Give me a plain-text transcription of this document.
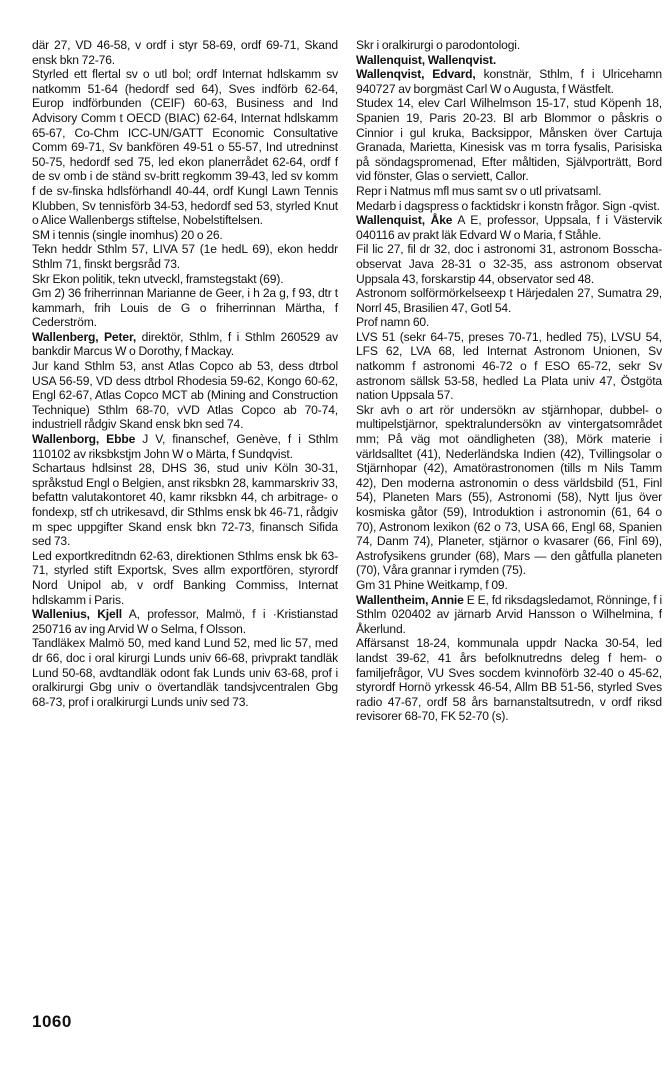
där 27, VD 46-58, v ordf i styr 58-69, ordf 69-71, Skand ensk bkn 72-76.

Styrled ett flertal sv o utl bol; ordf Internat hdlskamm sv natkomm 51-64 (hedordf sed 64), Sves indförb 62-64, Europ indförbunden (CEIF) 60-63, Business and Ind Advisory Comm t OECD (BIAC) 62-64, Internat hdlskamm 65-67, Co-Chm ICC-UN/GATT Economic Consultative Comm 69-71, Sv bankfören 49-51 o 55-57, Ind utredninst 50-75, hedordf sed 75, led ekon planerrådet 62-64, ordf f de sv omb i de ständ sv-britt regkomm 39-43, led sv komm f de sv-finska hdlsförhandl 40-44, ordf Kungl Lawn Tennis Klubben, Sv tennisförb 34-53, hedordf sed 53, styrled Knut o Alice Wallenbergs stiftelse, Nobelstiftelsen.

SM i tennis (single inomhus) 20 o 26.

Tekn heddr Sthlm 57, LIVA 57 (1e hedL 69), ekon heddr Sthlm 71, finskt bergsråd 73.

Skr Ekon politik, tekn utveckl, framstegstakt (69).

Gm 2) 36 friherrinnan Marianne de Geer, i h 2a g, f 93, dtr t kammarh, frih Louis de G o friherrinnan Märtha, f Cederström.

Wallenberg, Peter, direktör, Sthlm, f i Sthlm 260529 av bankdir Marcus W o Dorothy, f Mackay.

Jur kand Sthlm 53, anst Atlas Copco ab 53, dess dtrbol USA 56-59, VD dess dtrbol Rhodesia 59-62, Kongo 60-62, Engl 62-67, Atlas Copco MCT ab (Mining and Construction Technique) Sthlm 68-70, vVD Atlas Copco ab 70-74, industriell rådgiv Skand ensk bkn sed 74.

Wallenborg, Ebbe J V, finanschef, Genève, f i Sthlm 110102 av riksbkstjm John W o Märta, f Sundqvist.

Schartaus hdlsinst 28, DHS 36, stud univ Köln 30-31, språkstud Engl o Belgien, anst riksbkn 28, kammarskriv 33, befattn valutakontoret 40, kamr riksbkn 44, ch arbitrage- o fondexp, stf ch utrikesavd, dir Sthlms ensk bk 46-71, rådgiv m spec uppgifter Skand ensk bkn 72-73, finansch Sifida sed 73.

Led exportkreditndn 62-63, direktionen Sthlms ensk bk 63-71, styrled stift Exportsk, Sves allm exportfören, styrordf Nord Unipol ab, v ordf Banking Commiss, Internat hdlskamm i Paris.

Wallenius, Kjell A, professor, Malmö, f i ·Kristianstad 250716 av ing Arvid W o Selma, f Olsson.

Tandläkex Malmö 50, med kand Lund 52, med lic 57, med dr 66, doc i oral kirurgi Lunds univ 66-68, privprakt tandläk Lund 50-68, avdtandläk odont fak Lunds univ 63-68, prof i oralkirurgi Gbg univ o övertandläk tandsjvcentralen Gbg 68-73, prof i oralkirurgi Lunds univ sed 73.

Skr i oralkirurgi o parodontologi.

Wallenquist, Wallenqvist.

Wallenqvist, Edvard, konstnär, Sthlm, f i Ulricehamn 940727 av borgmäst Carl W o Augusta, f Wästfelt.

Studex 14, elev Carl Wilhelmson 15-17, stud Köpenh 18, Spanien 19, Paris 20-23. Bl arb Blommor o påskris o Cinnior i gul kruka, Backsippor, Månsken över Cartuja Granada, Marietta, Kinesisk vas m torra fysalis, Parisiska på söndagspromenad, Efter måltiden, Självporträtt, Bord vid fönster, Glas o serviett, Callor.

Repr i Natmus mfl mus samt sv o utl privatsaml.

Medarb i dagspress o facktidskr i konstn frågor. Sign -qvist.

Wallenquist, Åke A E, professor, Uppsala, f i Västervik 040116 av prakt läk Edvard W o Maria, f Ståhle.

Fil lic 27, fil dr 32, doc i astronomi 31, astronom Bosscha-observat Java 28-31 o 32-35, ass astronom observat Uppsala 43, forskarstip 44, observator sed 48.

Astronom solförmörkelseexp t Härjedalen 27, Sumatra 29, Norrl 45, Brasilien 47, Gotl 54.

Prof namn 60.

LVS 51 (sekr 64-75, preses 70-71, hedled 75), LVSU 54, LFS 62, LVA 68, led Internat Astronom Unionen, Sv natkomm f astronomi 46-72 o f ESO 65-72, sekr Sv astronom sällsk 53-58, hedled La Plata univ 47, Östgöta nation Uppsala 57.

Skr avh o art rör undersökn av stjärnhopar, dubbel- o multipelstjärnor, spektralundersökn av vintergatsområdet mm; På väg mot oändligheten (38), Mörk materie i världsalltet (41), Nederländska Indien (42), Tvillingsolar o Stjärnhopar (42), Amatörastronomen (tills m Nils Tamm 42), Den moderna astronomin o dess världsbild (51, Finl 54), Planeten Mars (55), Astronomi (58), Nytt ljus över kosmiska gåtor (59), Introduktion i astronomin (61, 64 o 70), Astronom lexikon (62 o 73, USA 66, Engl 68, Spanien 74, Danm 74), Planeter, stjärnor o kvasarer (66, Finl 69), Astrofysikens grunder (68), Mars — den gåtfulla planeten (70), Våra grannar i rymden (75).

Gm 31 Phine Weitkamp, f 09.

Wallentheim, Annie E E, fd riksdagsledamot, Rönninge, f i Sthlm 020402 av järnarb Arvid Hansson o Wilhelmina, f Åkerlund.

Affärsanst 18-24, kommunala uppdr Nacka 30-54, led landst 39-62, 41 års befolknutredns deleg f hem- o familjefrågor, VU Sves socdem kvinnoförb 32-40 o 45-62, styrordf Hornö yrkessk 46-54, Allm BB 51-56, styrled Sves radio 47-67, ordf 58 års barnanstaltsutredn, v ordf riksd revisorer 68-70, FK 52-70 (s).

1060
